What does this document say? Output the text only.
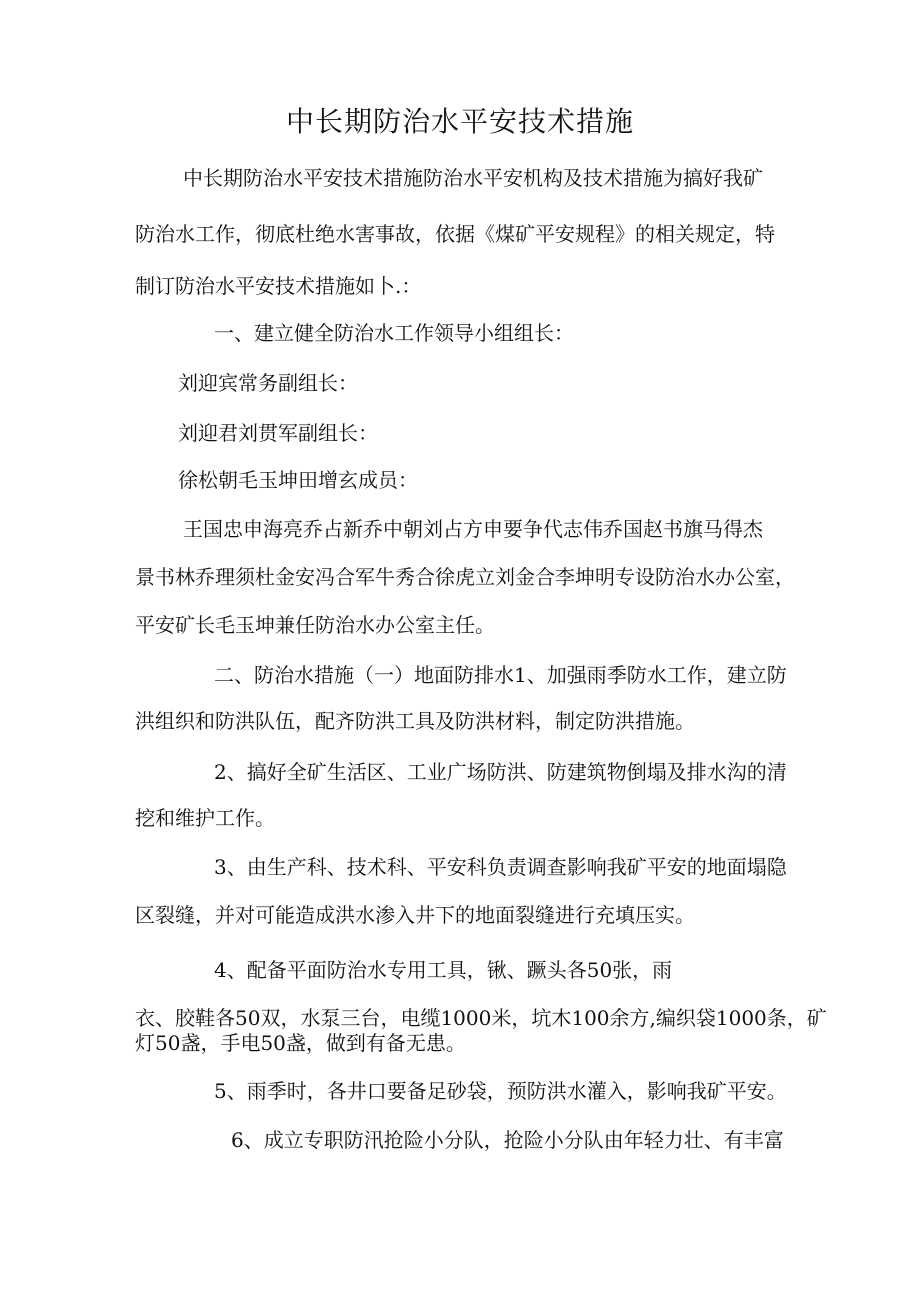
中长期防治水平安技术措施

中长期防治水平安技术措施防治水平安机构及技术措施为搞好我矿

防治水工作，彻底杜绝水害事故，依据《煤矿平安规程》的相关规定，特

制订防治水平安技术措施如卜.：

一、建立健全防治水工作领导小组组长：

刘迎宾常务副组长：

刘迎君刘贯军副组长：

徐松朝毛玉坤田增玄成员：

王国忠申海亮乔占新乔中朝刘占方申要争代志伟乔国赵书旗马得杰

景书林乔理须杜金安冯合军牛秀合徐虎立刘金合李坤明专设防治水办公室，

平安矿长毛玉坤兼任防治水办公室主任。

二、防治水措施（一）地面防排水1、加强雨季防水工作，建立防

洪组织和防洪队伍，配齐防洪工具及防洪材料，制定防洪措施。

2、搞好全矿生活区、工业广场防洪、防建筑物倒塌及排水沟的清

挖和维护工作。

3、由生产科、技术科、平安科负责调查影响我矿平安的地面塌隐

区裂缝，并对可能造成洪水渗入井下的地面裂缝进行充填压实。

4、配备平面防治水专用工具，锹、蹶头各50张，雨

衣、胶鞋各50双，水泵三台，电缆1000米，坑木100余方,编织袋1000条，矿

灯50盏，手电50盏，做到有备无患。

5、雨季时，各井口要备足砂袋，预防洪水灌入，影响我矿平安。

6、成立专职防汛抢险小分队，抢险小分队由年轻力壮、有丰富
